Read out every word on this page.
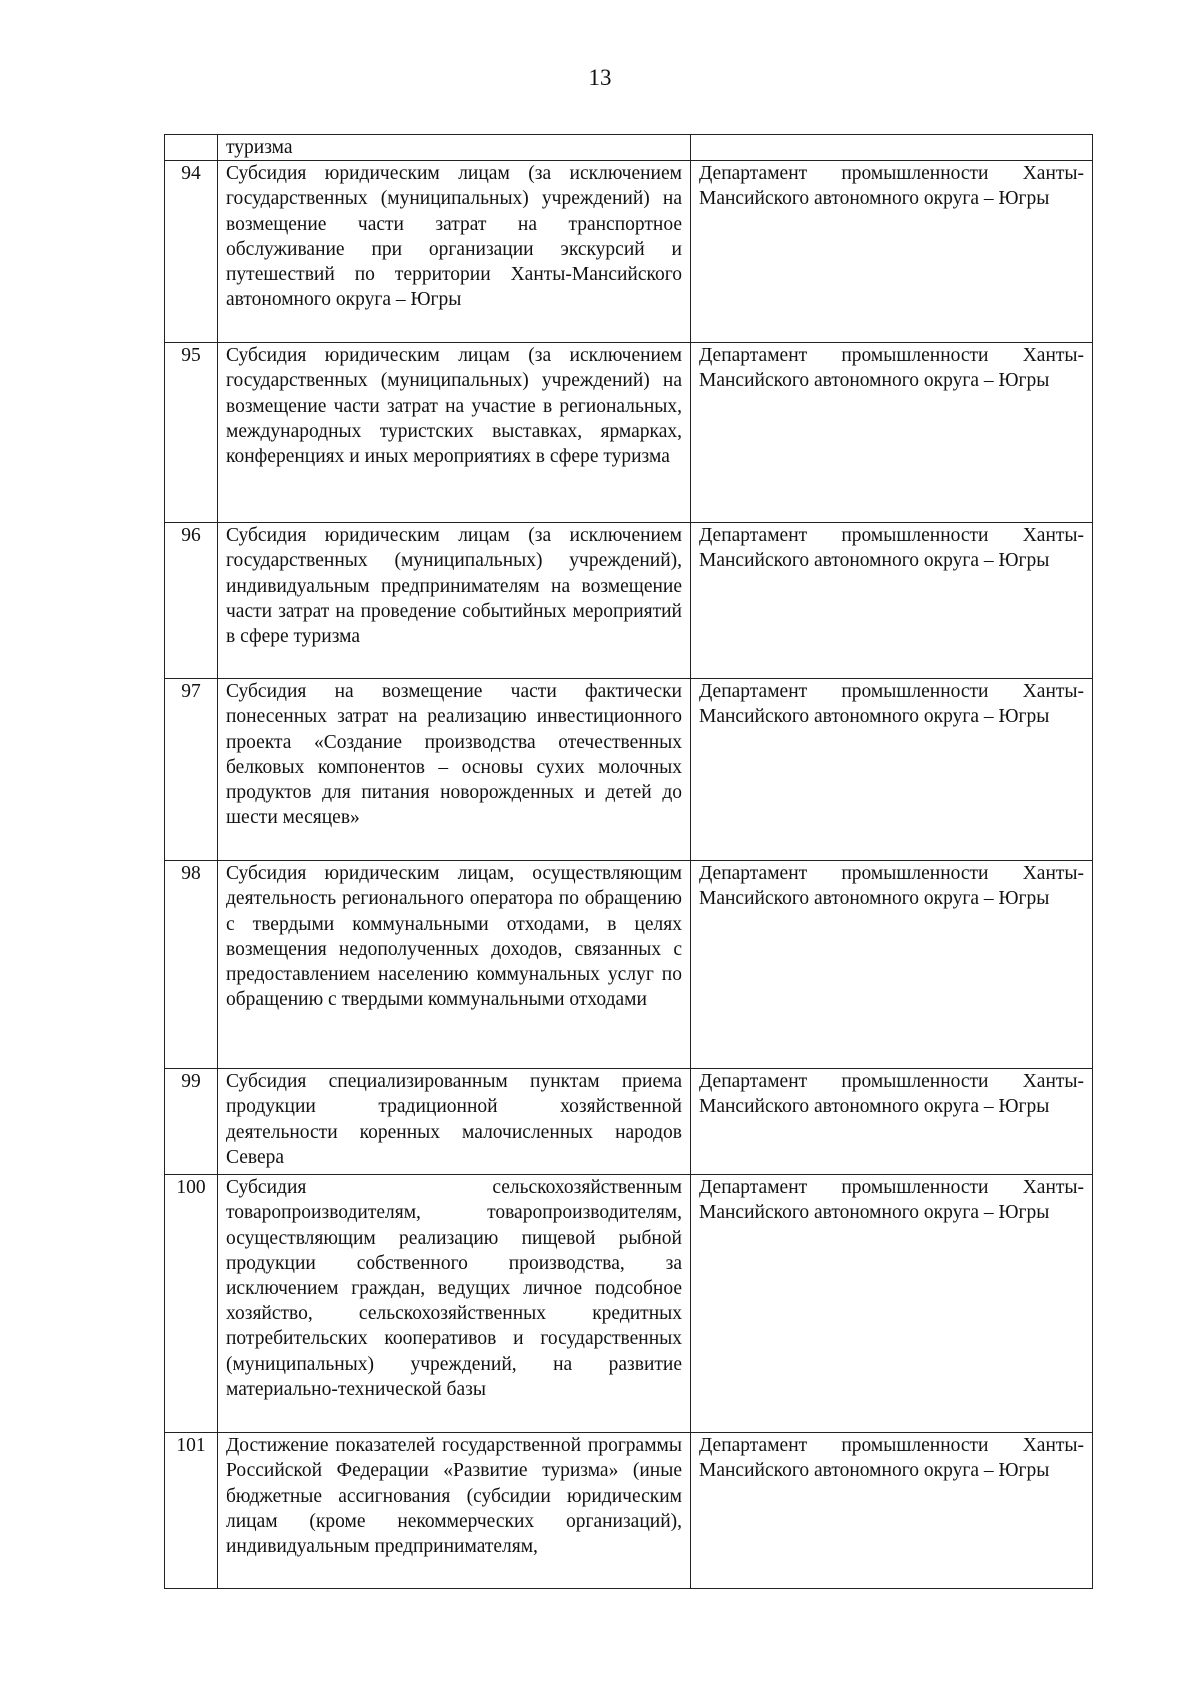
13
	туризма	
94	Субсидия юридическим лицам (за исключением государственных (муниципальных) учреждений) на возмещение части затрат на транспортное обслуживание при организации экскурсий и путешествий по территории Ханты-Мансийского автономного округа – Югры	Департамент промышленности Ханты-Мансийского автономного округа – Югры
95	Субсидия юридическим лицам (за исключением государственных (муниципальных) учреждений) на возмещение части затрат на участие в региональных, международных туристских выставках, ярмарках, конференциях и иных мероприятиях в сфере туризма	Департамент промышленности Ханты-Мансийского автономного округа – Югры
96	Субсидия юридическим лицам (за исключением государственных (муниципальных) учреждений), индивидуальным предпринимателям на возмещение части затрат на проведение событийных мероприятий в сфере туризма	Департамент промышленности Ханты-Мансийского автономного округа – Югры
97	Субсидия на возмещение части фактически понесенных затрат на реализацию инвестиционного проекта «Создание производства отечественных белковых компонентов – основы сухих молочных продуктов для питания новорожденных и детей до шести месяцев»	Департамент промышленности Ханты-Мансийского автономного округа – Югры
98	Субсидия юридическим лицам, осуществляющим деятельность регионального оператора по обращению с твердыми коммунальными отходами, в целях возмещения недополученных доходов, связанных с предоставлением населению коммунальных услуг по обращению с твердыми коммунальными отходами	Департамент промышленности Ханты-Мансийского автономного округа – Югры
99	Субсидия специализированным пунктам приема продукции традиционной хозяйственной деятельности коренных малочисленных народов Севера	Департамент промышленности Ханты-Мансийского автономного округа – Югры
100	Субсидия сельскохозяйственным товаропроизводителям, товаропроизводителям, осуществляющим реализацию пищевой рыбной продукции собственного производства, за исключением граждан, ведущих личное подсобное хозяйство, сельскохозяйственных кредитных потребительских кооперативов и государственных (муниципальных) учреждений, на развитие материально-технической базы	Департамент промышленности Ханты-Мансийского автономного округа – Югры
101	Достижение показателей государственной программы Российской Федерации «Развитие туризма» (иные бюджетные ассигнования (субсидии юридическим лицам (кроме некоммерческих организаций), индивидуальным предпринимателям,	Департамент промышленности Ханты-Мансийского автономного округа – Югры
